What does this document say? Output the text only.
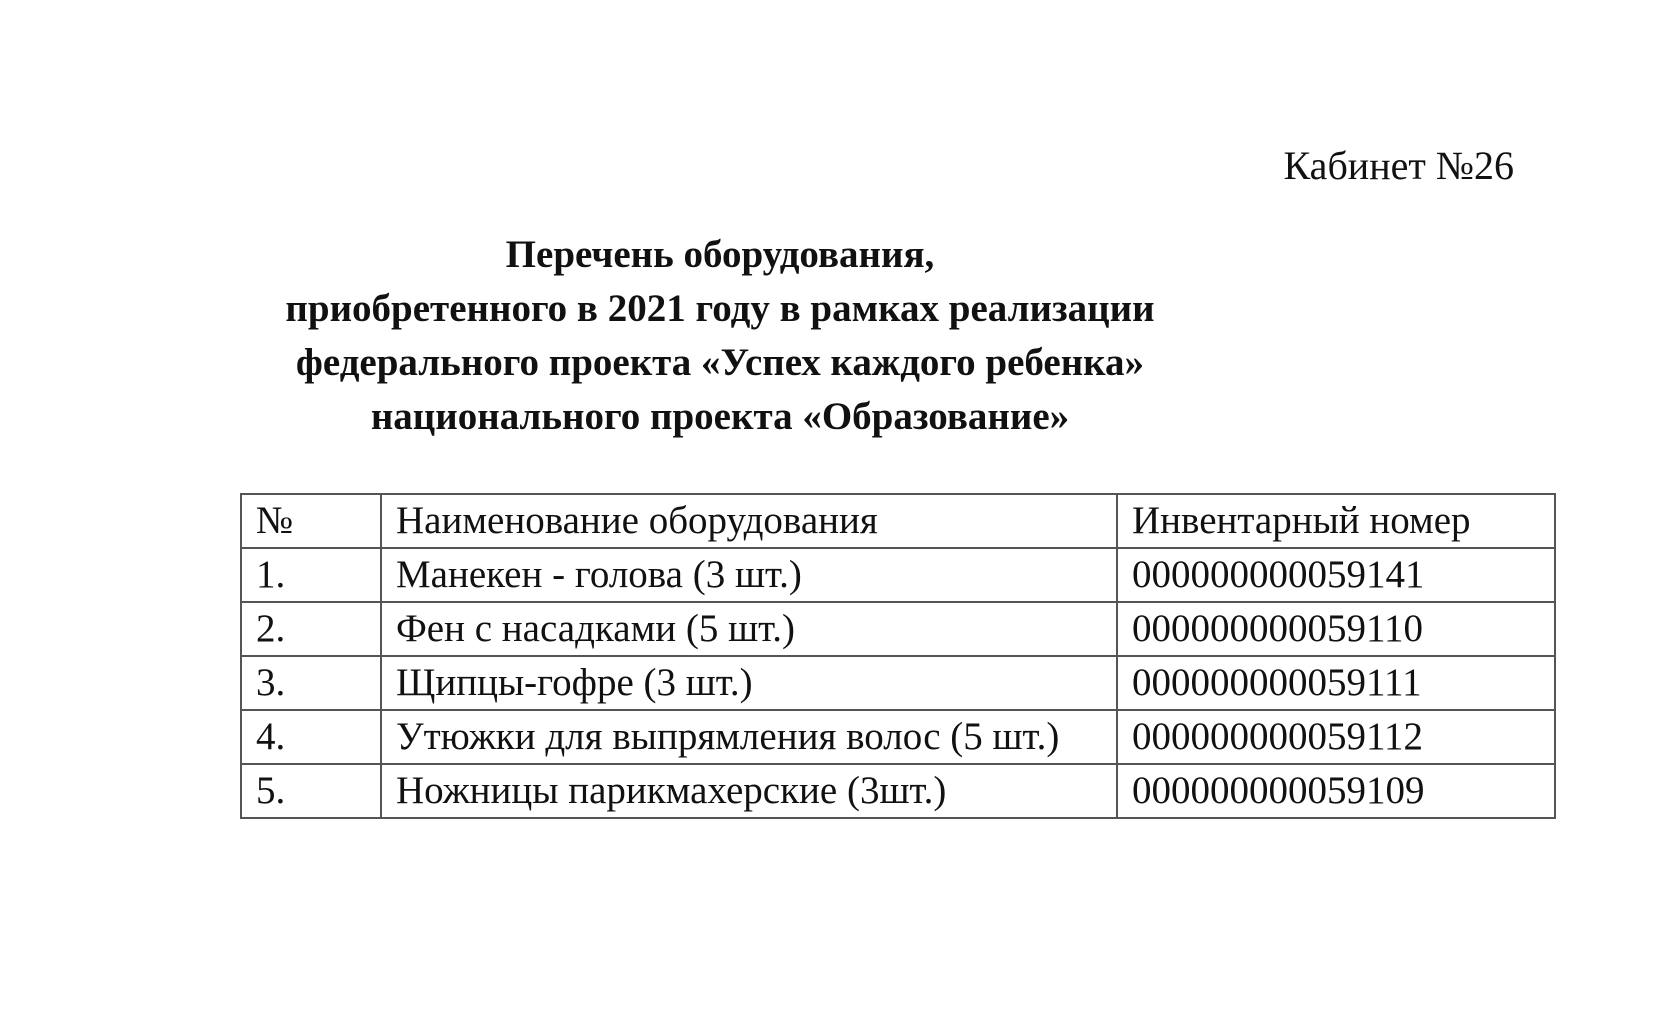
Кабинет №26
Перечень оборудования,
приобретенного в 2021 году в рамках реализации
федерального проекта «Успех каждого ребенка»
национального проекта «Образование»
№	Наименование оборудования	Инвентарный номер
1.	Манекен - голова (3 шт.)	000000000059141
2.	Фен с насадками (5 шт.)	000000000059110
3.	Щипцы-гофре (3 шт.)	000000000059111
4.	Утюжки для выпрямления волос (5 шт.)	000000000059112
5.	Ножницы парикмахерские (3шт.)	000000000059109
